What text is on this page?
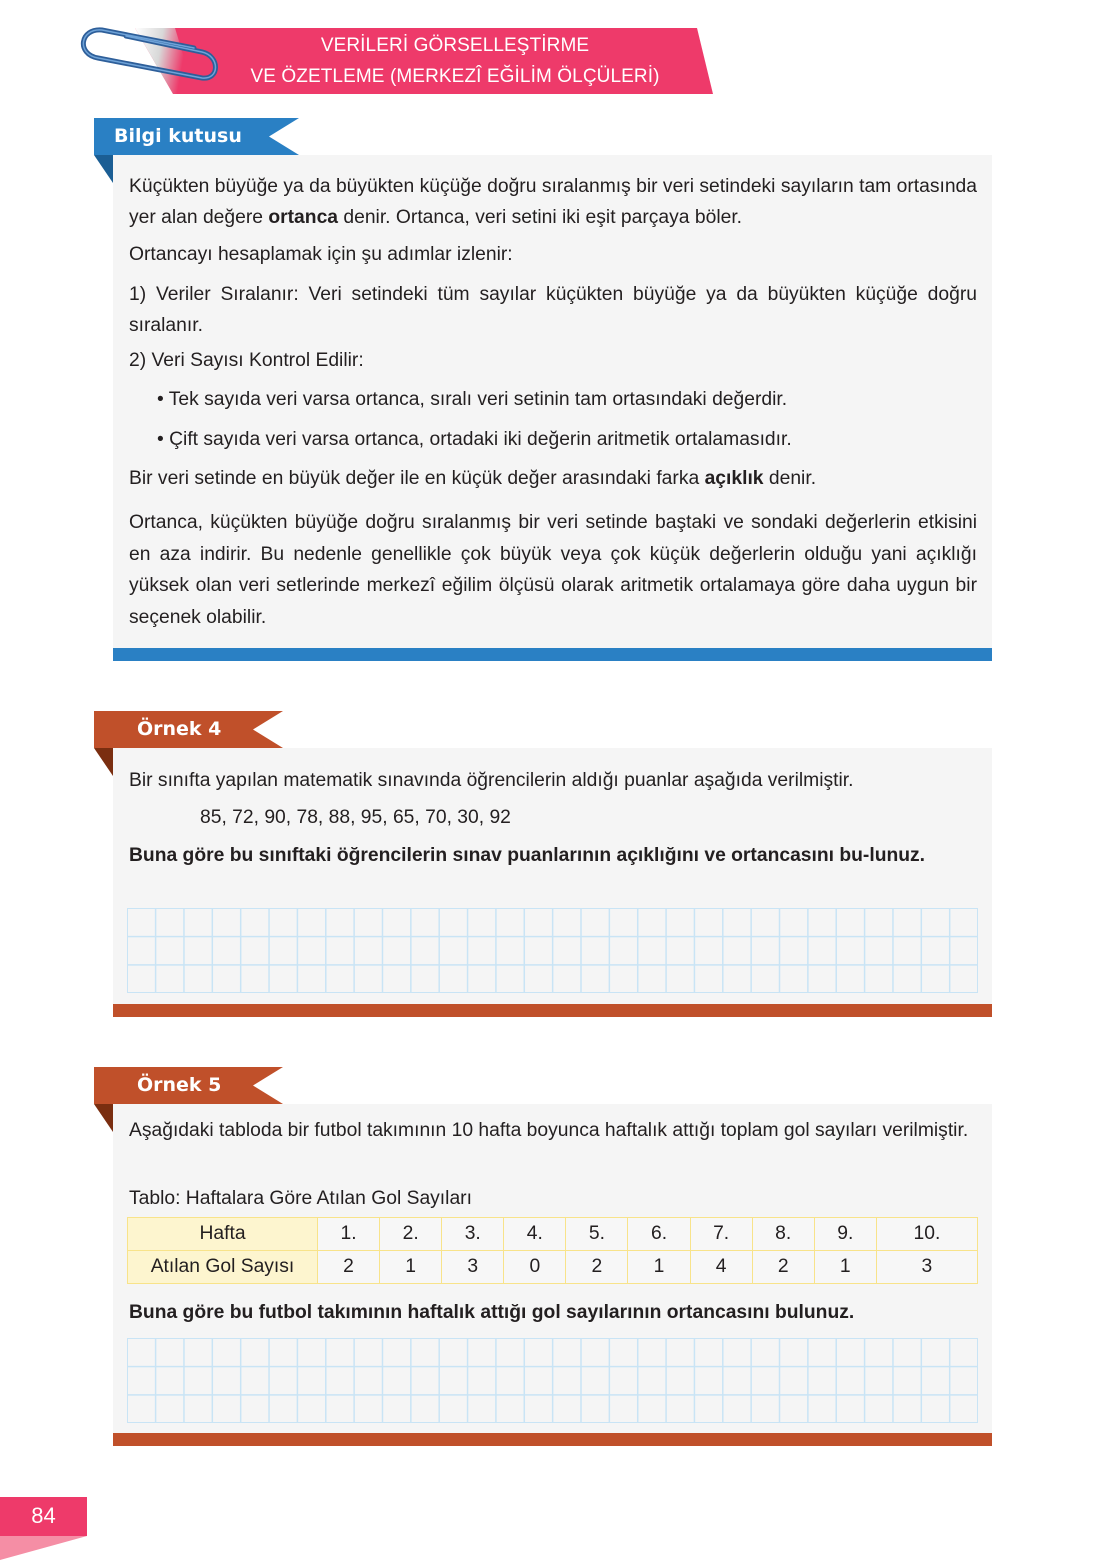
VERİLERİ GÖRSELLEŞTİRME
VE ÖZETLEME (MERKEZÎ EĞİLİM ÖLÇÜLERİ)
Bilgi kutusu
Küçükten büyüğe ya da büyükten küçüğe doğru sıralanmış bir veri setindeki sayıların tam ortasında yer alan değere ortanca denir. Ortanca, veri setini iki eşit parçaya böler.
Ortancayı hesaplamak için şu adımlar izlenir:
1) Veriler Sıralanır: Veri setindeki tüm sayılar küçükten büyüğe ya da büyükten küçüğe doğru sıralanır.
2) Veri Sayısı Kontrol Edilir:
• Tek sayıda veri varsa ortanca, sıralı veri setinin tam ortasındaki değerdir.
• Çift sayıda veri varsa ortanca, ortadaki iki değerin aritmetik ortalamasıdır.
Bir veri setinde en büyük değer ile en küçük değer arasındaki farka açıklık denir.
Ortanca, küçükten büyüğe doğru sıralanmış bir veri setinde baştaki ve sondaki değerlerin etkisini en aza indirir. Bu nedenle genellikle çok büyük veya çok küçük değerlerin olduğu yani açıklığı yüksek olan veri setlerinde merkezî eğilim ölçüsü olarak aritmetik ortalamaya göre daha uygun bir seçenek olabilir.
Örnek 4
Bir sınıfta yapılan matematik sınavında öğrencilerin aldığı puanlar aşağıda verilmiştir.
85, 72, 90, 78, 88, 95, 65, 70, 30, 92
Buna göre bu sınıftaki öğrencilerin sınav puanlarının açıklığını ve ortancasını bu-lunuz.
Örnek 5
Aşağıdaki tabloda bir futbol takımının 10 hafta boyunca haftalık attığı toplam gol sayıları verilmiştir.
Tablo: Haftalara Göre Atılan Gol Sayıları
Hafta	1.	2.	3.	4.	5.	6.	7.	8.	9.	10.
Atılan Gol Sayısı	2	1	3	0	2	1	4	2	1	3
Buna göre bu futbol takımının haftalık attığı gol sayılarının ortancasını bulunuz.
84
